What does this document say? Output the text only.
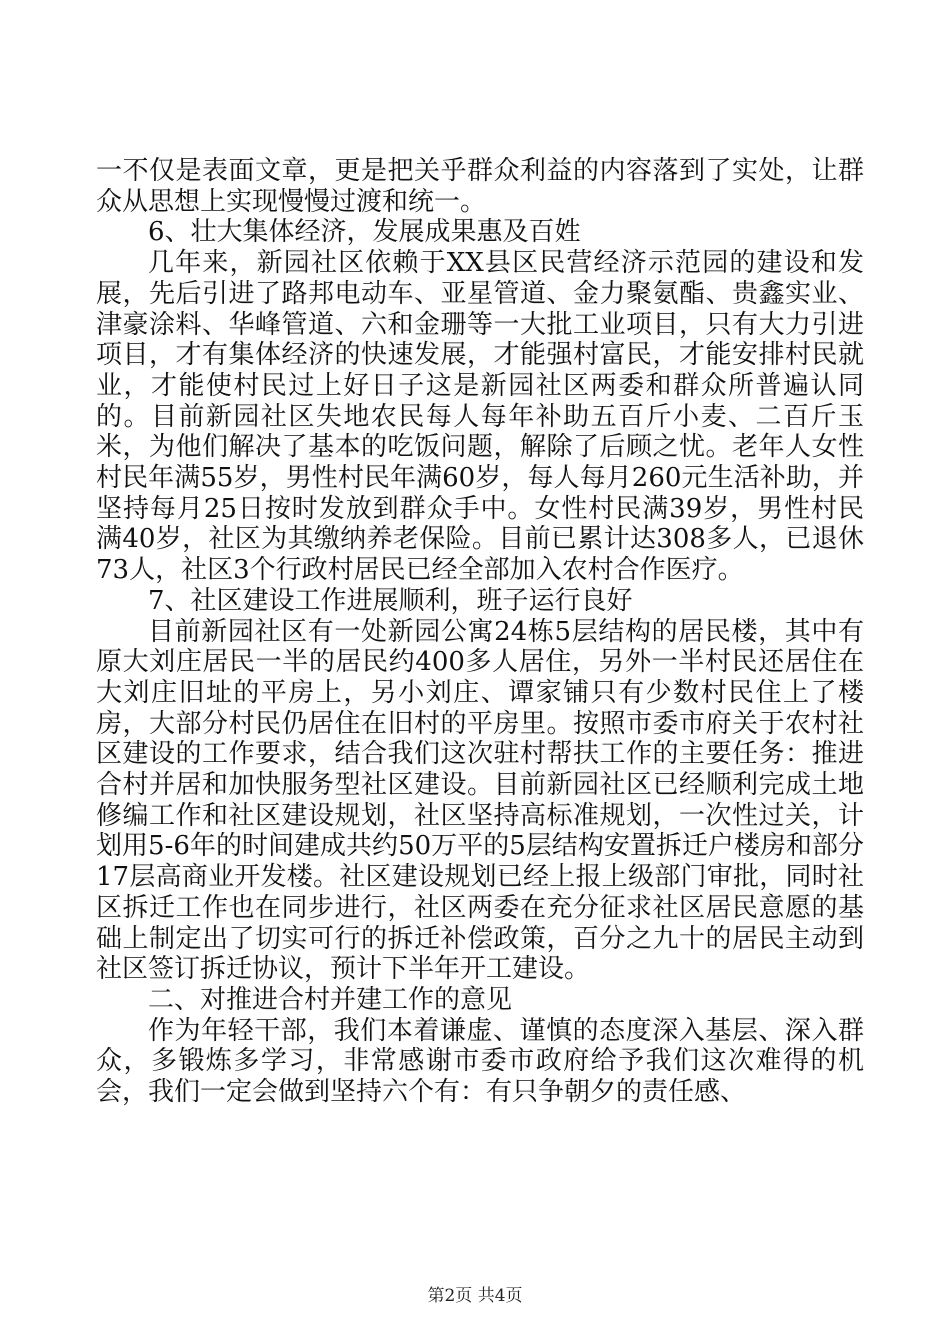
一不仅是表面文章，更是把关乎群众利益的内容落到了实处，让群众从思想上实现慢慢过渡和统一。

6、壮大集体经济，发展成果惠及百姓

几年来，新园社区依赖于XX县区民营经济示范园的建设和发展，先后引进了路邦电动车、亚星管道、金力聚氨酯、贵鑫实业、津豪涂料、华峰管道、六和金珊等一大批工业项目，只有大力引进项目，才有集体经济的快速发展，才能强村富民，才能安排村民就业，才能使村民过上好日子这是新园社区两委和群众所普遍认同的。目前新园社区失地农民每人每年补助五百斤小麦、二百斤玉米，为他们解决了基本的吃饭问题，解除了后顾之忧。老年人女性村民年满55岁，男性村民年满60岁，每人每月260元生活补助，并坚持每月25日按时发放到群众手中。女性村民满39岁，男性村民满40岁，社区为其缴纳养老保险。目前已累计达308多人，已退休73人，社区3个行政村居民已经全部加入农村合作医疗。

7、社区建设工作进展顺利，班子运行良好

目前新园社区有一处新园公寓24栋5层结构的居民楼，其中有原大刘庄居民一半的居民约400多人居住，另外一半村民还居住在大刘庄旧址的平房上，另小刘庄、谭家铺只有少数村民住上了楼房，大部分村民仍居住在旧村的平房里。按照市委市府关于农村社区建设的工作要求，结合我们这次驻村帮扶工作的主要任务：推进合村并居和加快服务型社区建设。目前新园社区已经顺利完成土地修编工作和社区建设规划，社区坚持高标准规划，一次性过关，计划用5-6年的时间建成共约50万平的5层结构安置拆迁户楼房和部分17层高商业开发楼。社区建设规划已经上报上级部门审批，同时社区拆迁工作也在同步进行，社区两委在充分征求社区居民意愿的基础上制定出了切实可行的拆迁补偿政策，百分之九十的居民主动到社区签订拆迁协议，预计下半年开工建设。

二、对推进合村并建工作的意见

作为年轻干部，我们本着谦虚、谨慎的态度深入基层、深入群众，多锻炼多学习，非常感谢市委市政府给予我们这次难得的机会，我们一定会做到坚持六个有：有只争朝夕的责任感、

第2页 共4页
